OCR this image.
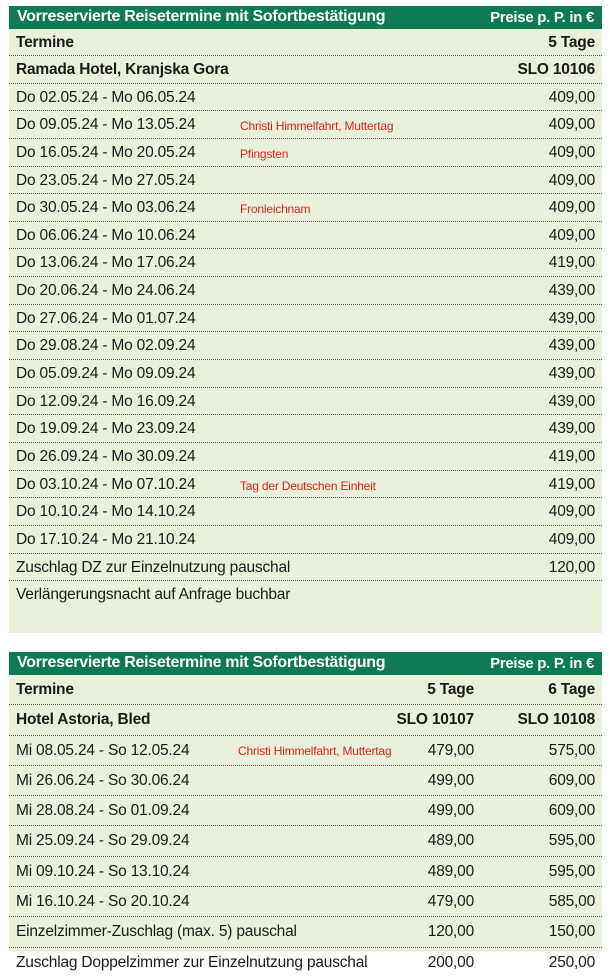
Vorreservierte Reisetermine mit Sofortbestätigung	Preise p. P. in €
Termine	5 Tage
Ramada Hotel, Kranjska Gora	SLO 10106
Do 02.05.24 - Mo 06.05.24	409,00
Do 09.05.24 - Mo 13.05.24	Christi Himmelfahrt, Muttertag	409,00
Do 16.05.24 - Mo 20.05.24	Pfingsten	409,00
Do 23.05.24 - Mo 27.05.24	409,00
Do 30.05.24 - Mo 03.06.24	Fronleichnam	409,00
Do 06.06.24 - Mo 10.06.24	409,00
Do 13.06.24 - Mo 17.06.24	419,00
Do 20.06.24 - Mo 24.06.24	439,00
Do 27.06.24 - Mo 01.07.24	439,00
Do 29.08.24 - Mo 02.09.24	439,00
Do 05.09.24 - Mo 09.09.24	439,00
Do 12.09.24 - Mo 16.09.24	439,00
Do 19.09.24 - Mo 23.09.24	439,00
Do 26.09.24 - Mo 30.09.24	419,00
Do 03.10.24 - Mo 07.10.24	Tag der Deutschen Einheit	419,00
Do 10.10.24 - Mo 14.10.24	409,00
Do 17.10.24 - Mo 21.10.24	409,00
Zuschlag DZ zur Einzelnutzung pauschal	120,00
Verlängerungsnacht auf Anfrage buchbar
Vorreservierte Reisetermine mit Sofortbestätigung	Preise p. P. in €
Termine	5 Tage	6 Tage
Hotel Astoria, Bled	SLO 10107	SLO 10108
Mi 08.05.24 - So 12.05.24	Christi Himmelfahrt, Muttertag 479,00	575,00
Mi 26.06.24 - So 30.06.24	499,00	609,00
Mi 28.08.24 - So 01.09.24	499,00	609,00
Mi 25.09.24 - So 29.09.24	489,00	595,00
Mi 09.10.24 - So 13.10.24	489,00	595,00
Mi 16.10.24 - So 20.10.24	479,00	585,00
Einzelzimmer-Zuschlag (max. 5) pauschal	120,00	150,00
Zuschlag Doppelzimmer zur Einzelnutzung pauschal	200,00	250,00
